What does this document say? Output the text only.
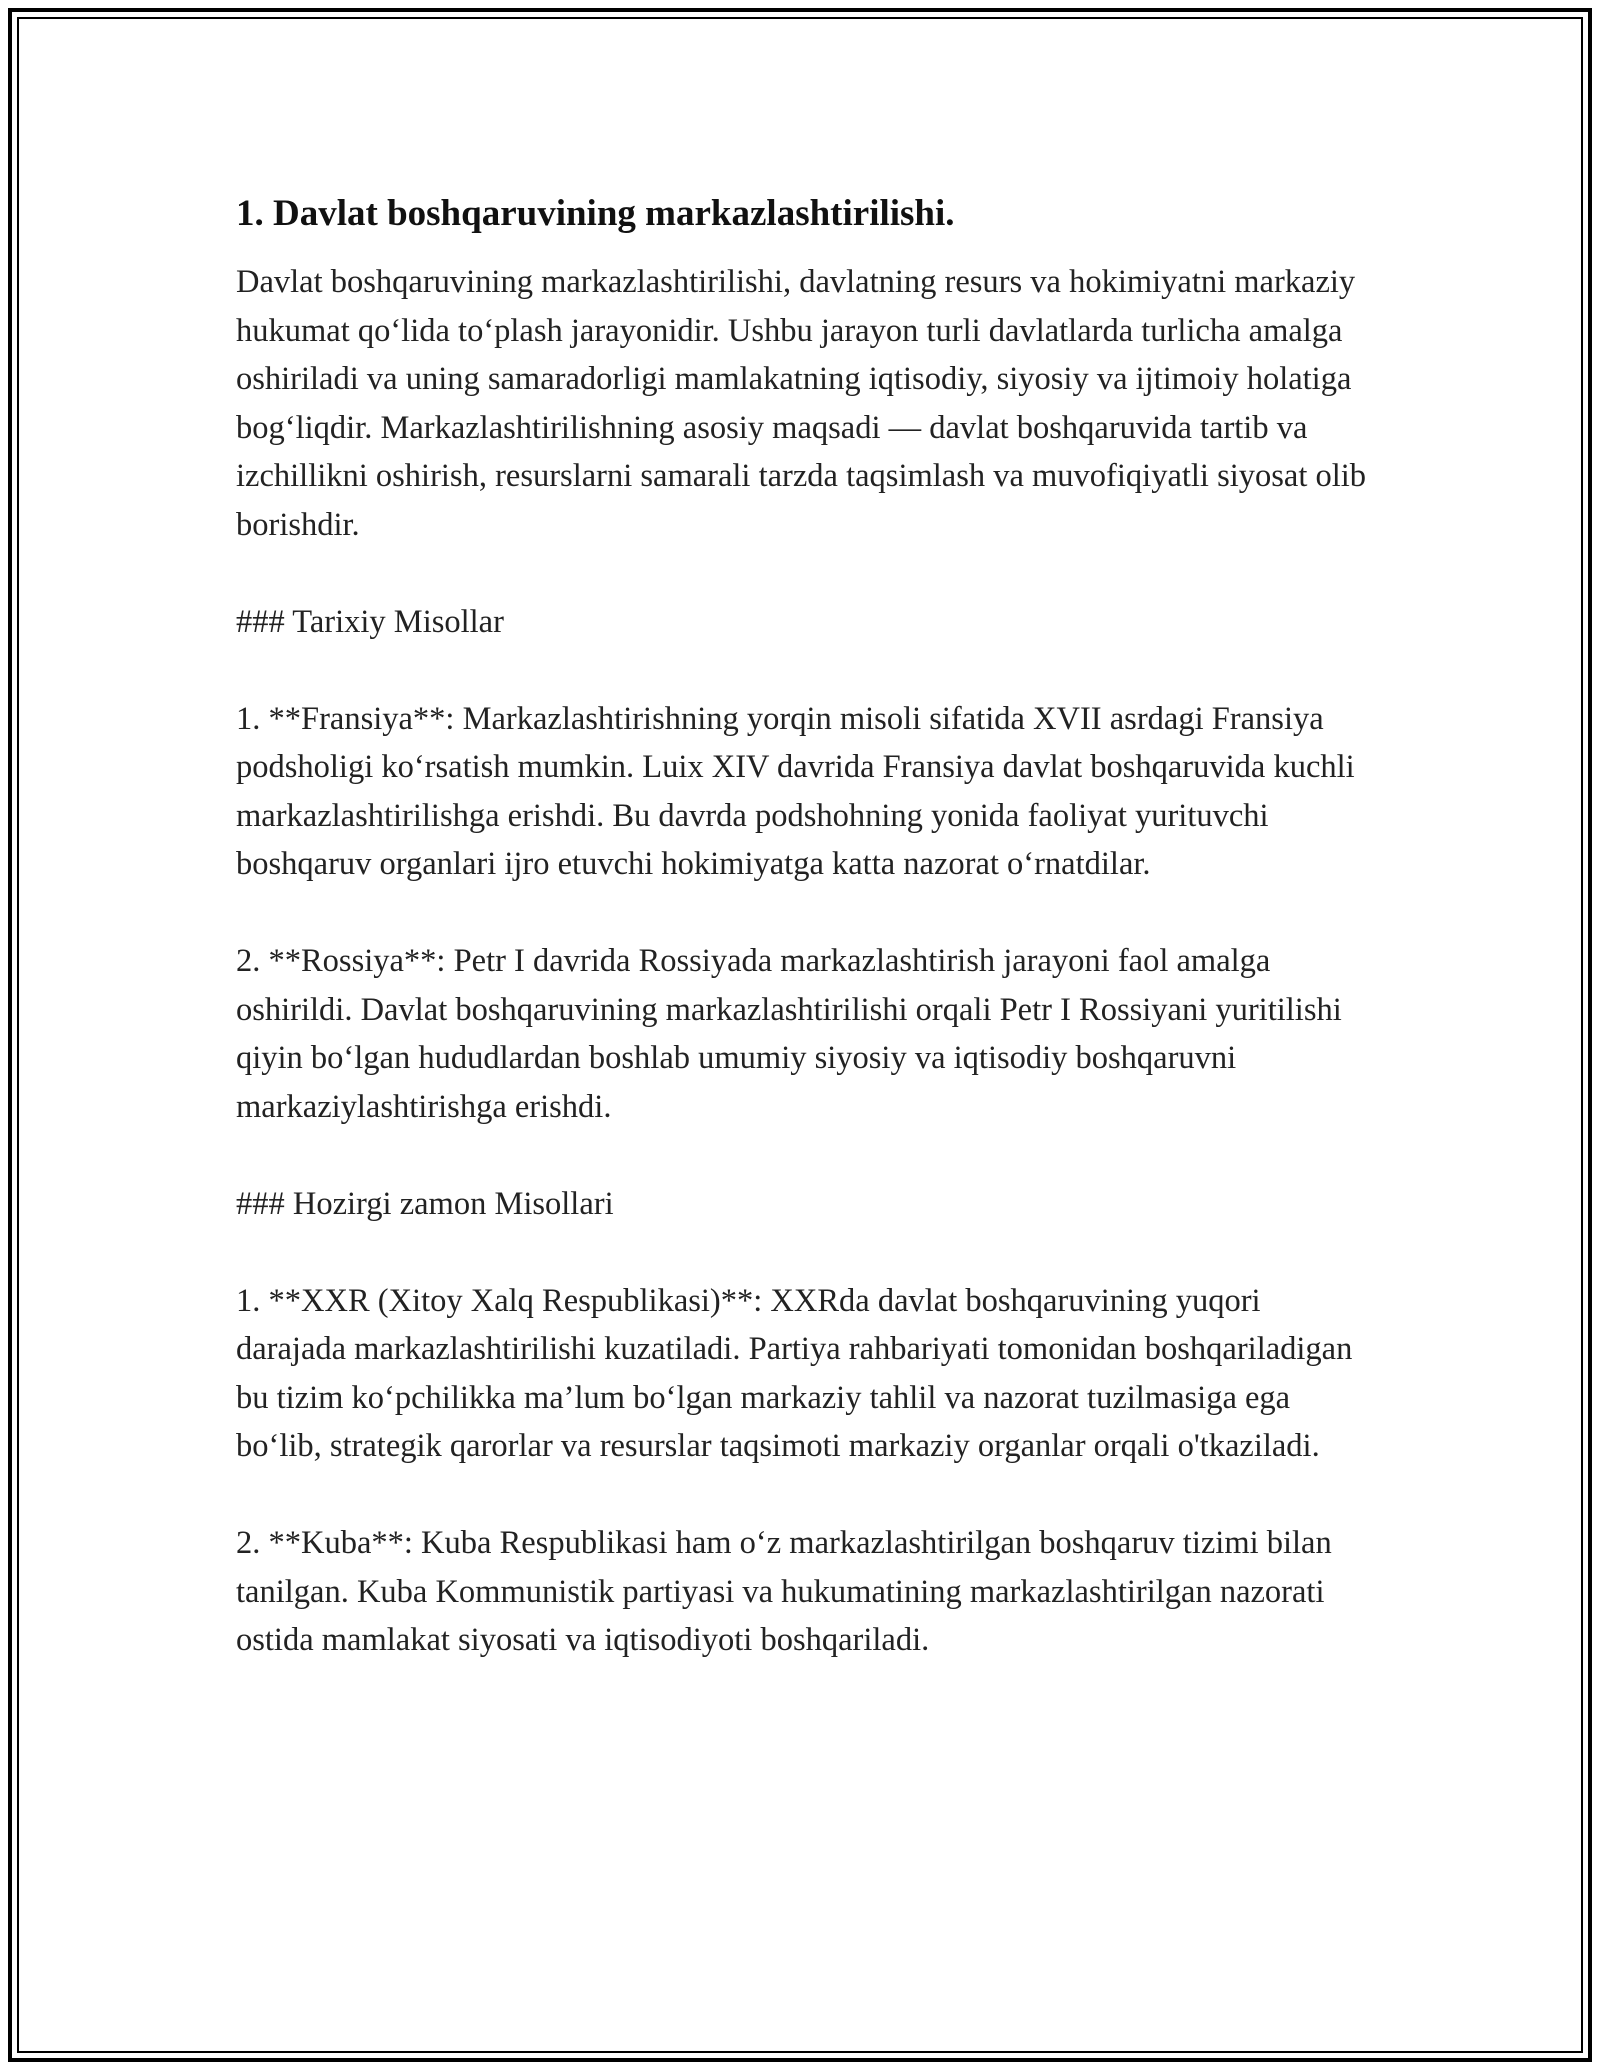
1. Davlat boshqaruvining markazlashtirilishi.

Davlat boshqaruvining markazlashtirilishi, davlatning resurs va hokimiyatni markaziy hukumat qo‘lida to‘plash jarayonidir. Ushbu jarayon turli davlatlarda turlicha amalga oshiriladi va uning samaradorligi mamlakatning iqtisodiy, siyosiy va ijtimoiy holatiga bog‘liqdir. Markazlashtirilishning asosiy maqsadi — davlat boshqaruvida tartib va izchillikni oshirish, resurslarni samarali tarzda taqsimlash va muvofiqiyatli siyosat olib borishdir.

### Tarixiy Misollar

1. **Fransiya**: Markazlashtirishning yorqin misoli sifatida XVII asrdagi Fransiya podsholigi ko‘rsatish mumkin. Luix XIV davrida Fransiya davlat boshqaruvida kuchli markazlashtirilishga erishdi. Bu davrda podshohning yonida faoliyat yurituvchi boshqaruv organlari ijro etuvchi hokimiyatga katta nazorat o‘rnatdilar.

2. **Rossiya**: Petr I davrida Rossiyada markazlashtirish jarayoni faol amalga oshirildi. Davlat boshqaruvining markazlashtirilishi orqali Petr I Rossiyani yuritilishi qiyin bo‘lgan hududlardan boshlab umumiy siyosiy va iqtisodiy boshqaruvni markaziylashtirishga erishdi.

### Hozirgi zamon Misollari

1. **XXR (Xitoy Xalq Respublikasi)**: XXRda davlat boshqaruvining yuqori darajada markazlashtirilishi kuzatiladi. Partiya rahbariyati tomonidan boshqariladigan bu tizim ko‘pchilikka ma’lum bo‘lgan markaziy tahlil va nazorat tuzilmasiga ega bo‘lib, strategik qarorlar va resurslar taqsimoti markaziy organlar orqali o'tkaziladi.

2. **Kuba**: Kuba Respublikasi ham o‘z markazlashtirilgan boshqaruv tizimi bilan tanilgan. Kuba Kommunistik partiyasi va hukumatining markazlashtirilgan nazorati ostida mamlakat siyosati va iqtisodiyoti boshqariladi.
